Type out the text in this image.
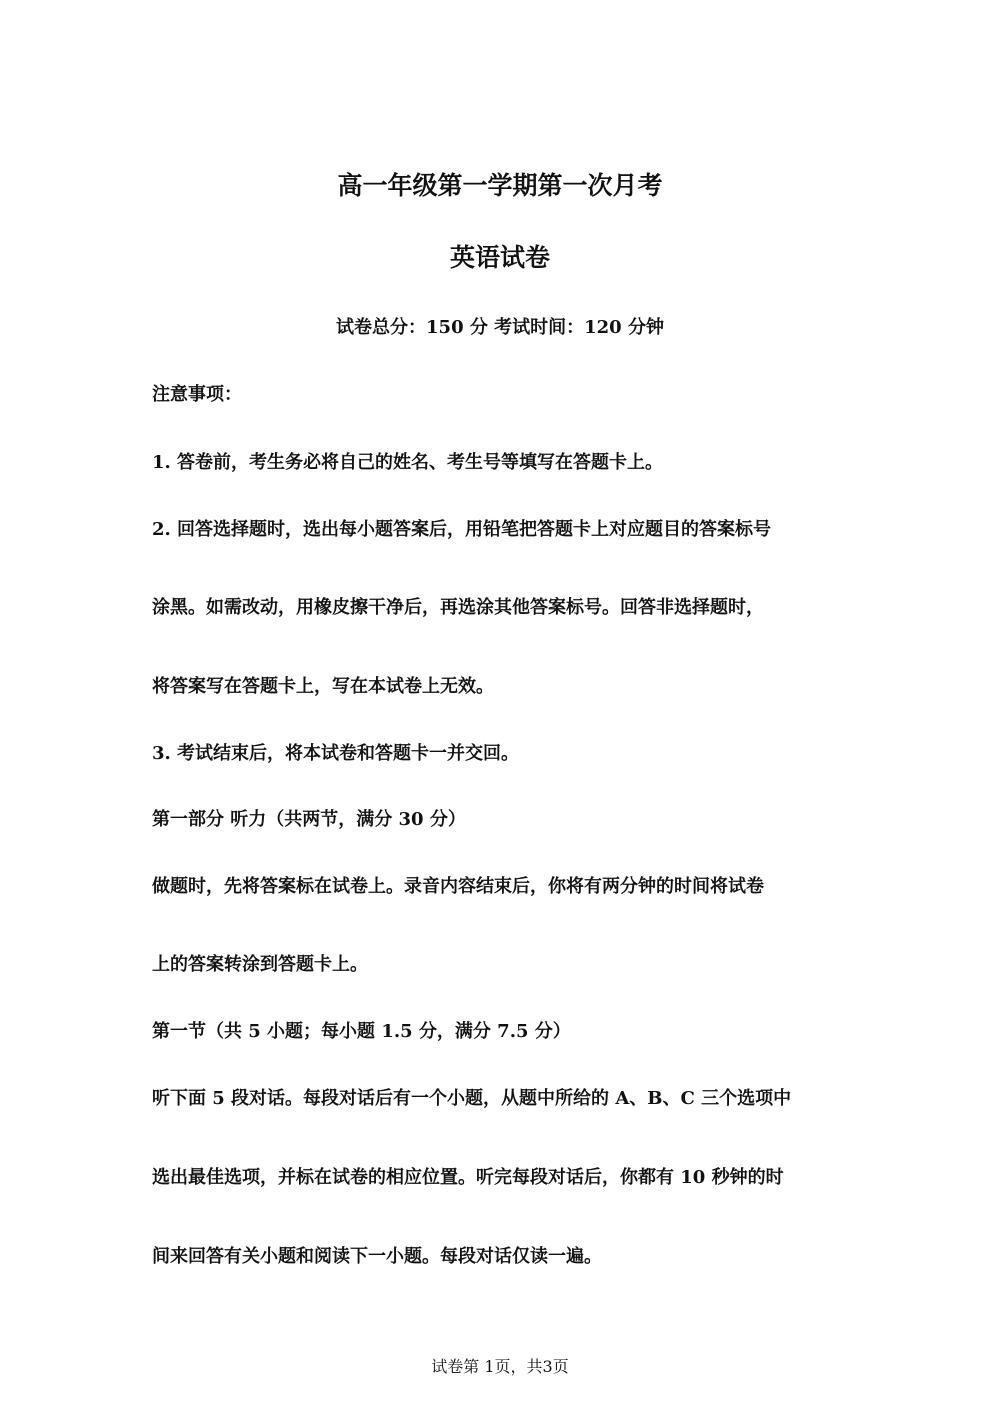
高一年级第一学期第一次月考
英语试卷
试卷总分：150 分 考试时间：120 分钟
注意事项：
1. 答卷前，考生务必将自己的姓名、考生号等填写在答题卡上。
2. 回答选择题时，选出每小题答案后，用铅笔把答题卡上对应题目的答案标号
涂黑。如需改动，用橡皮擦干净后，再选涂其他答案标号。回答非选择题时，
将答案写在答题卡上，写在本试卷上无效。
3. 考试结束后，将本试卷和答题卡一并交回。
第一部分 听力（共两节，满分 30 分）
做题时，先将答案标在试卷上。录音内容结束后，你将有两分钟的时间将试卷
上的答案转涂到答题卡上。
第一节（共 5 小题；每小题 1.5 分，满分 7.5 分）
听下面 5 段对话。每段对话后有一个小题，从题中所给的 A、B、C 三个选项中
选出最佳选项，并标在试卷的相应位置。听完每段对话后，你都有 10 秒钟的时
间来回答有关小题和阅读下一小题。每段对话仅读一遍。
试卷第 1页，共3页
